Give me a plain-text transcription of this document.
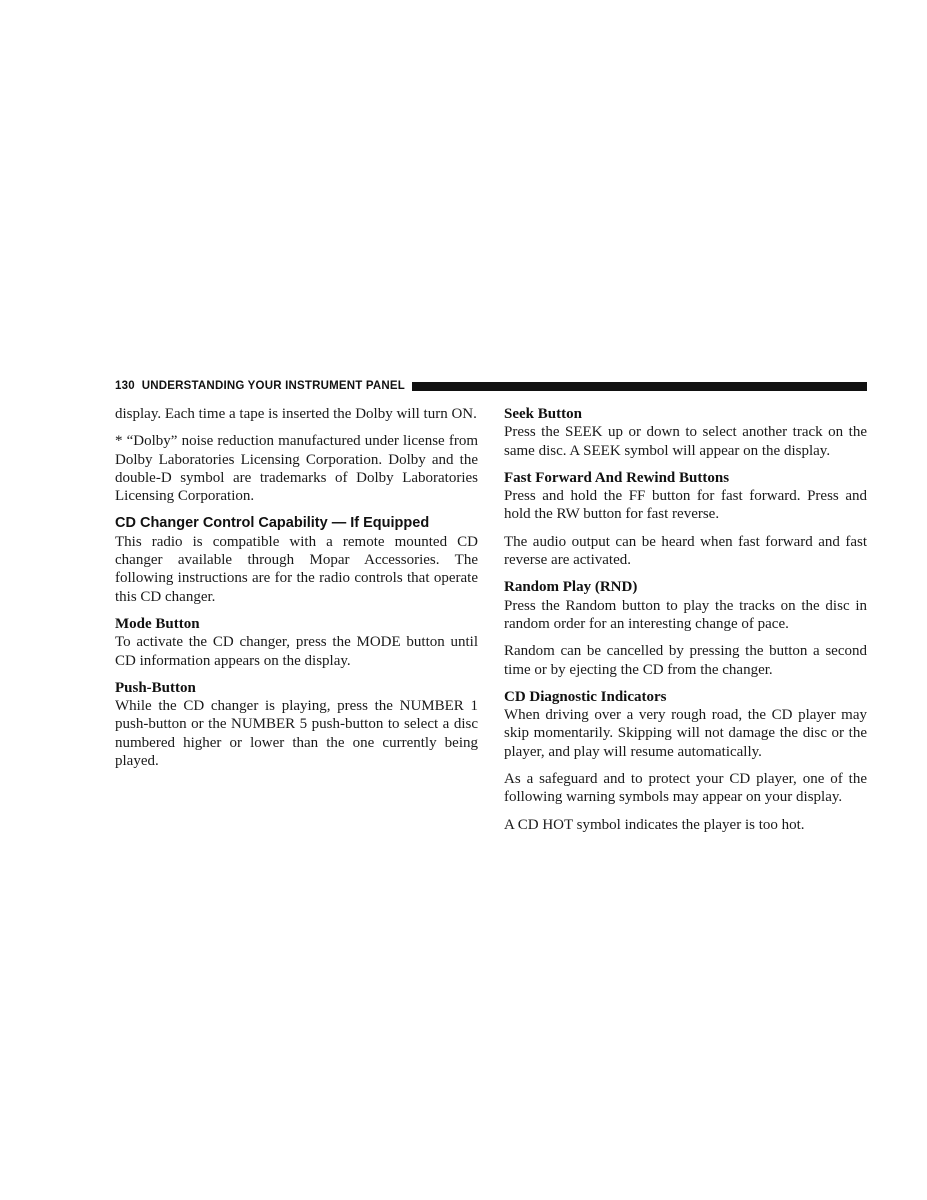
130 UNDERSTANDING YOUR INSTRUMENT PANEL

display. Each time a tape is inserted the Dolby will turn ON.

* “Dolby” noise reduction manufactured under license from Dolby Laboratories Licensing Corporation. Dolby and the double-D symbol are trademarks of Dolby Laboratories Licensing Corporation.

CD Changer Control Capability — If Equipped

This radio is compatible with a remote mounted CD changer available through Mopar Accessories. The following instructions are for the radio controls that operate this CD changer.

Mode Button

To activate the CD changer, press the MODE button until CD information appears on the display.

Push-Button

While the CD changer is playing, press the NUMBER 1 push-button or the NUMBER 5 push-button to select a disc numbered higher or lower than the one currently being played.

Seek Button

Press the SEEK up or down to select another track on the same disc. A SEEK symbol will appear on the display.

Fast Forward And Rewind Buttons

Press and hold the FF button for fast forward. Press and hold the RW button for fast reverse.

The audio output can be heard when fast forward and fast reverse are activated.

Random Play (RND)

Press the Random button to play the tracks on the disc in random order for an interesting change of pace.

Random can be cancelled by pressing the button a second time or by ejecting the CD from the changer.

CD Diagnostic Indicators

When driving over a very rough road, the CD player may skip momentarily. Skipping will not damage the disc or the player, and play will resume automatically.

As a safeguard and to protect your CD player, one of the following warning symbols may appear on your display.

A CD HOT symbol indicates the player is too hot.
